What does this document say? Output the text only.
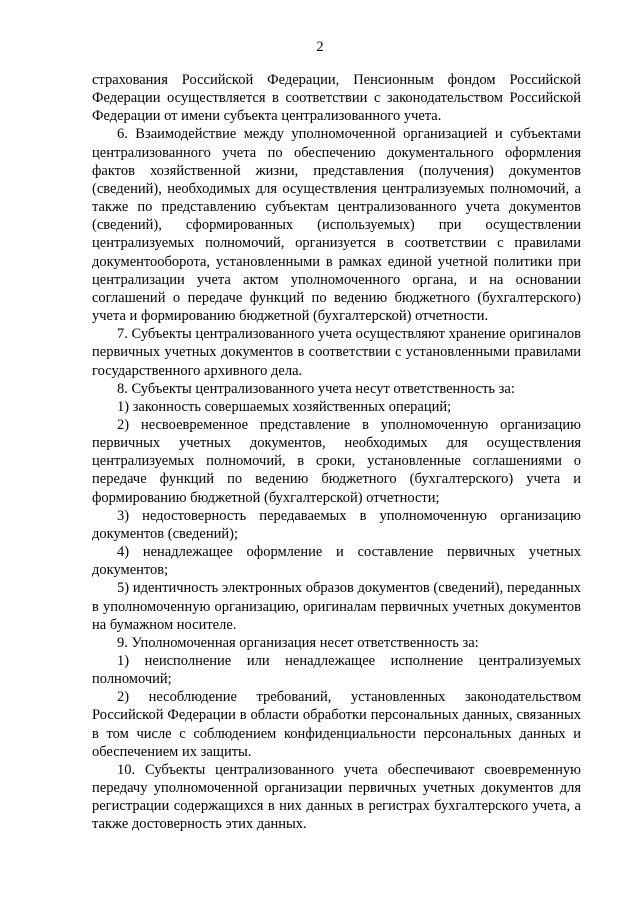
2

страхования Российской Федерации, Пенсионным фондом Российской Федерации осуществляется в соответствии с законодательством Российской Федерации от имени субъекта централизованного учета.

6. Взаимодействие между уполномоченной организацией и субъектами централизованного учета по обеспечению документального оформления фактов хозяйственной жизни, представления (получения) документов (сведений), необходимых для осуществления централизуемых полномочий, а также по представлению субъектам централизованного учета документов (сведений), сформированных (используемых) при осуществлении централизуемых полномочий, организуется в соответствии с правилами документооборота, установленными в рамках единой учетной политики при централизации учета актом уполномоченного органа, и на основании соглашений о передаче функций по ведению бюджетного (бухгалтерского) учета и формированию бюджетной (бухгалтерской) отчетности.

7. Субъекты централизованного учета осуществляют хранение оригиналов первичных учетных документов в соответствии с установленными правилами государственного архивного дела.

8. Субъекты централизованного учета несут ответственность за:

1) законность совершаемых хозяйственных операций;

2) несвоевременное представление в уполномоченную организацию первичных учетных документов, необходимых для осуществления централизуемых полномочий, в сроки, установленные соглашениями о передаче функций по ведению бюджетного (бухгалтерского) учета и формированию бюджетной (бухгалтерской) отчетности;

3) недостоверность передаваемых в уполномоченную организацию документов (сведений);

4) ненадлежащее оформление и составление первичных учетных документов;

5) идентичность электронных образов документов (сведений), переданных в уполномоченную организацию, оригиналам первичных учетных документов на бумажном носителе.

9. Уполномоченная организация несет ответственность за:

1) неисполнение или ненадлежащее исполнение централизуемых полномочий;

2) несоблюдение требований, установленных законодательством Российской Федерации в области обработки персональных данных, связанных в том числе с соблюдением конфиденциальности персональных данных и обеспечением их защиты.

10. Субъекты централизованного учета обеспечивают своевременную передачу уполномоченной организации первичных учетных документов для регистрации содержащихся в них данных в регистрах бухгалтерского учета, а также достоверность этих данных.
